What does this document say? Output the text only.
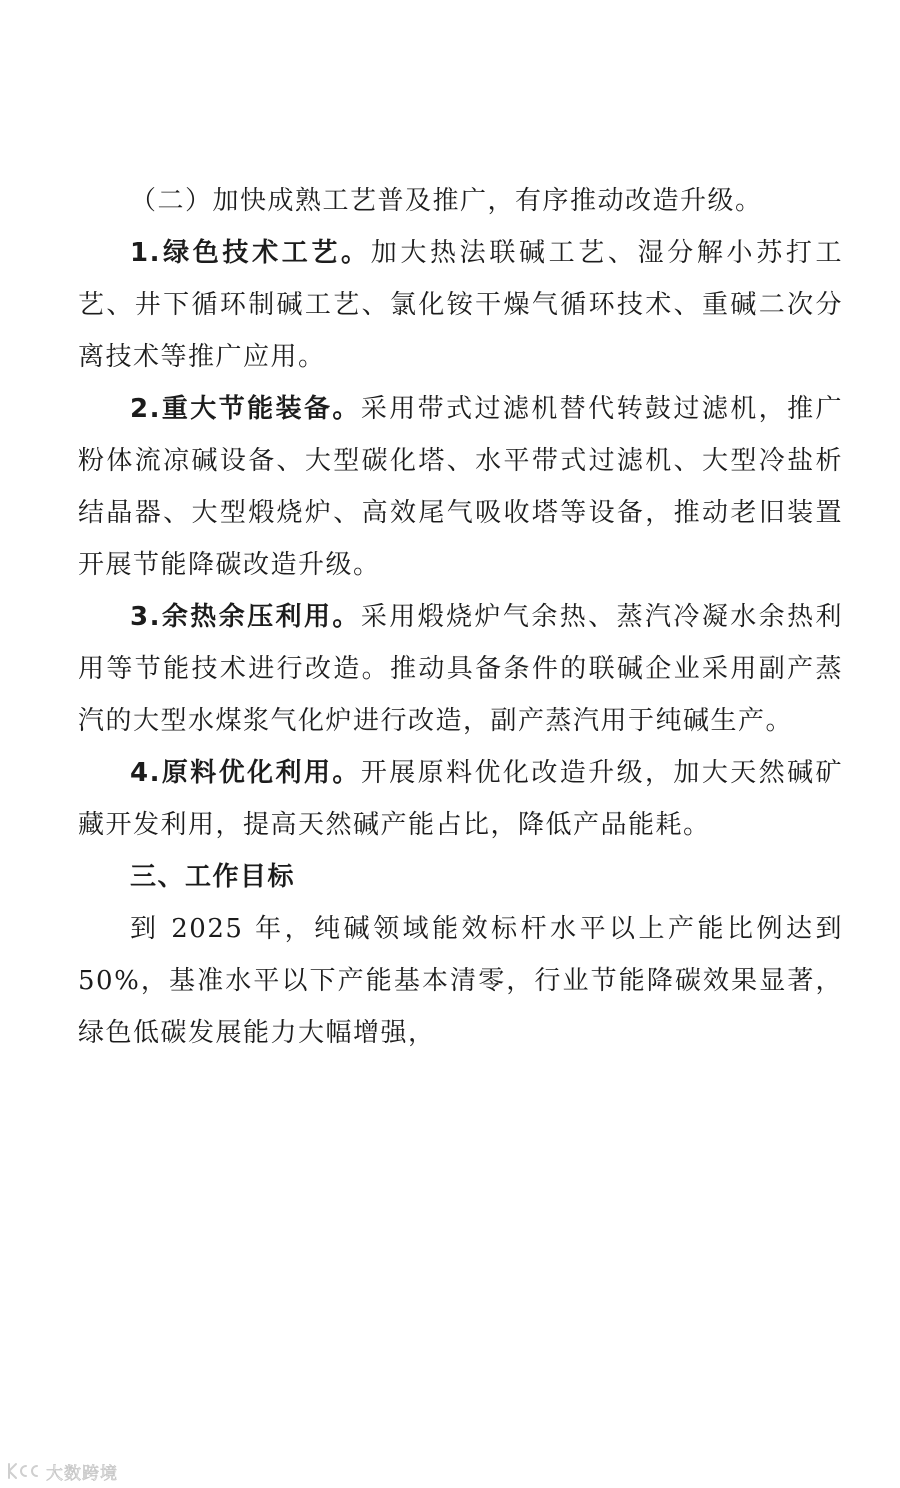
（二）加快成熟工艺普及推广，有序推动改造升级。

1.绿色技术工艺。加大热法联碱工艺、湿分解小苏打工艺、井下循环制碱工艺、氯化铵干燥气循环技术、重碱二次分离技术等推广应用。

2.重大节能装备。采用带式过滤机替代转鼓过滤机，推广粉体流凉碱设备、大型碳化塔、水平带式过滤机、大型冷盐析结晶器、大型煅烧炉、高效尾气吸收塔等设备，推动老旧装置开展节能降碳改造升级。

3.余热余压利用。采用煅烧炉气余热、蒸汽冷凝水余热利用等节能技术进行改造。推动具备条件的联碱企业采用副产蒸汽的大型水煤浆气化炉进行改造，副产蒸汽用于纯碱生产。

4.原料优化利用。开展原料优化改造升级，加大天然碱矿藏开发利用，提高天然碱产能占比，降低产品能耗。

三、工作目标

到 2025 年，纯碱领域能效标杆水平以上产能比例达到 50%，基准水平以下产能基本清零，行业节能降碳效果显著，绿色低碳发展能力大幅增强，

大数跨境
